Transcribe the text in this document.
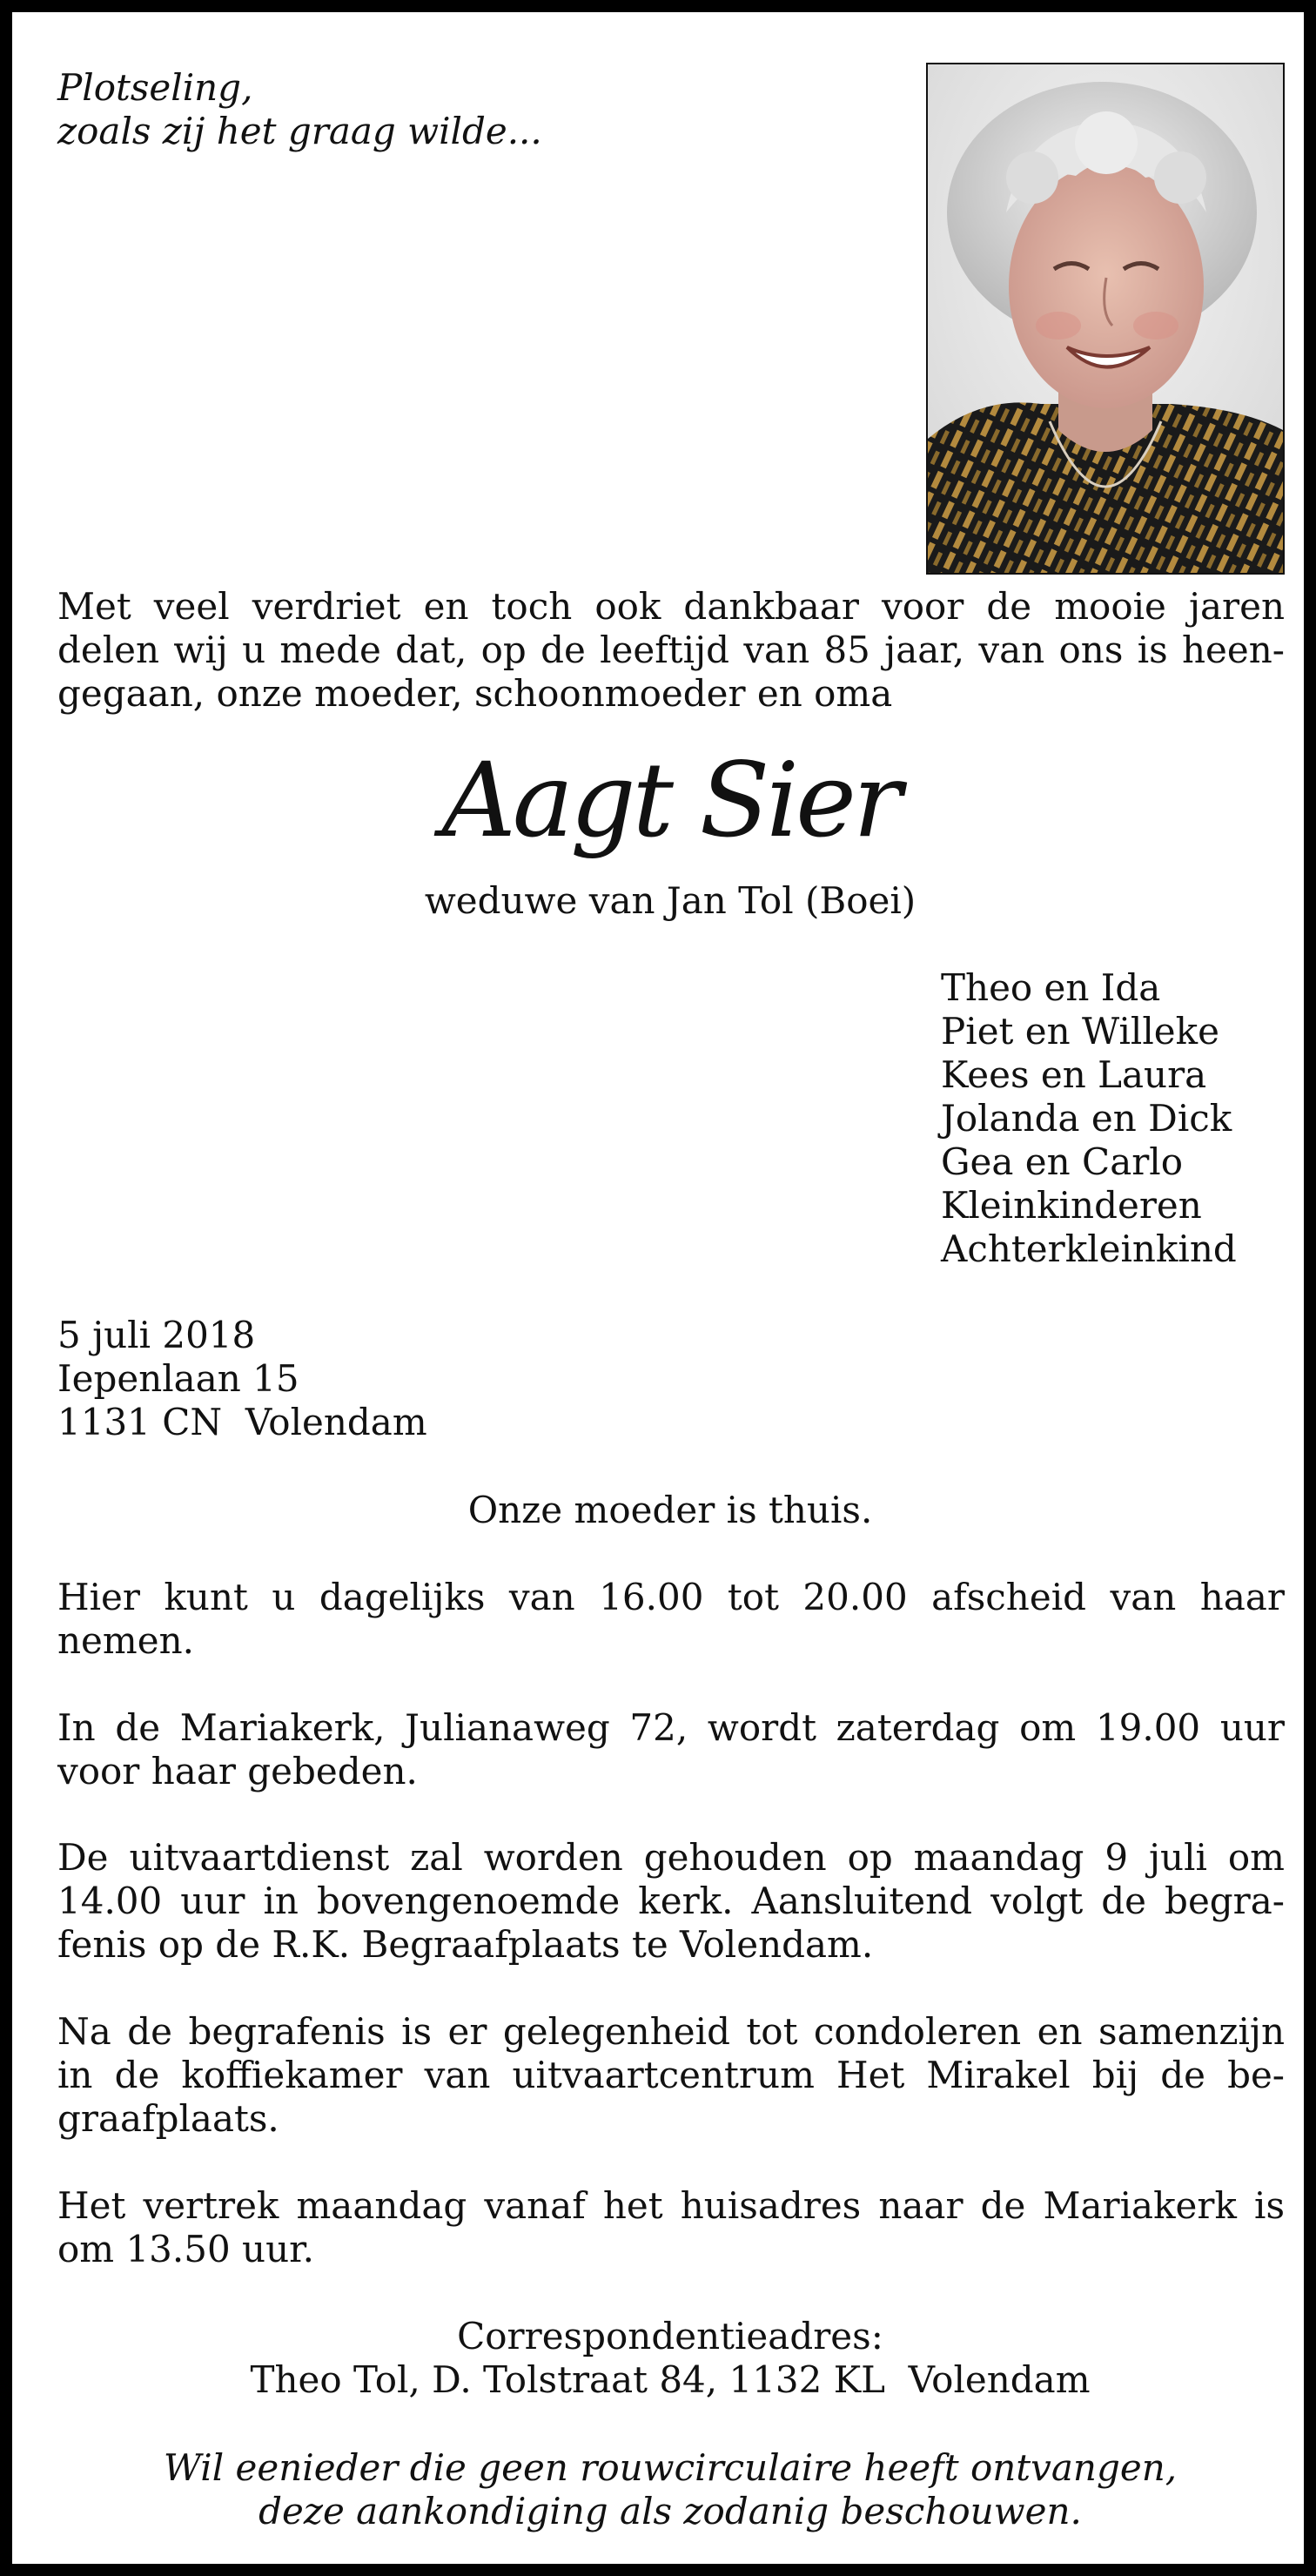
Plotseling,
zoals zij het graag wilde...
Met veel verdriet en toch ook dankbaar voor de mooie jaren
delen wij u mede dat, op de leeftijd van 85 jaar, van ons is heen-
gegaan, onze moeder, schoonmoeder en oma
Aagt Sier
weduwe van Jan Tol (Boei)
Theo en Ida
Piet en Willeke
Kees en Laura
Jolanda en Dick
Gea en Carlo
Kleinkinderen
Achterkleinkind
5 juli 2018
Iepenlaan 15
1131 CN  Volendam
Onze moeder is thuis.
Hier kunt u dagelijks van 16.00 tot 20.00 afscheid van haar
nemen.
In de Mariakerk, Julianaweg 72, wordt zaterdag om 19.00 uur
voor haar gebeden.
De uitvaartdienst zal worden gehouden op maandag 9 juli om
14.00 uur in bovengenoemde kerk. Aansluitend volgt de begra-
fenis op de R.K. Begraafplaats te Volendam.
Na de begrafenis is er gelegenheid tot condoleren en samenzijn
in de koffiekamer van uitvaartcentrum Het Mirakel bij de be-
graafplaats.
Het vertrek maandag vanaf het huisadres naar de Mariakerk is
om 13.50 uur.
Correspondentieadres:
Theo Tol, D. Tolstraat 84, 1132 KL  Volendam
Wil eenieder die geen rouwcirculaire heeft ontvangen,
deze aankondiging als zodanig beschouwen.
